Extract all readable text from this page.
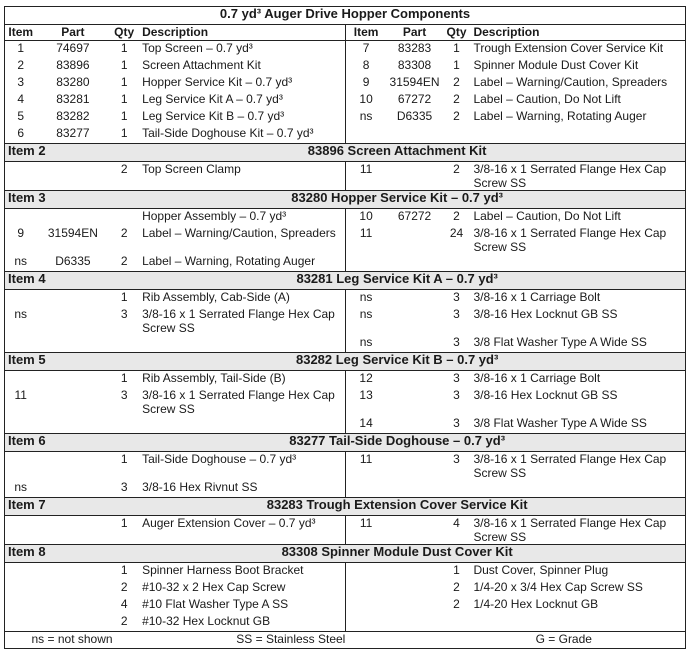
0.7 yd³ Auger Drive Hopper Components							
Item	Part	Qty	Description	Item	Part	Qty	Description
1	74697	1	Top Screen – 0.7 yd³	7	83283	1	Trough Extension Cover Service Kit
2	83896	1	Screen Attachment Kit	8	83308	1	Spinner Module Dust Cover Kit
3	83280	1	Hopper Service Kit – 0.7 yd³	9	31594EN	2	Label – Warning/Caution, Spreaders
4	83281	1	Leg Service Kit A – 0.7 yd³	10	67272	2	Label – Caution, Do Not Lift
5	83282	1	Leg Service Kit B – 0.7 yd³	ns	D6335	2	Label – Warning, Rotating Auger
6	83277	1	Tail-Side Doghouse Kit – 0.7 yd³				
Item 2		83896 Screen Attachment Kit					
		2	Top Screen Clamp	11		2	3/8-16 x 1 Serrated Flange Hex Cap Screw SS
Item 3		83280 Hopper Service Kit – 0.7 yd³					
			Hopper Assembly – 0.7 yd³	10	67272	2	Label – Caution, Do Not Lift
9	31594EN	2	Label – Warning/Caution, Spreaders	11		24	3/8-16 x 1 Serrated Flange Hex Cap Screw SS
ns	D6335	2	Label – Warning, Rotating Auger				
Item 4		83281 Leg Service Kit A – 0.7 yd³					
		1	Rib Assembly, Cab-Side (A)	ns		3	3/8-16 x 1 Carriage Bolt
ns		3	3/8-16 x 1 Serrated Flange Hex Cap Screw SS	ns		3	3/8-16 Hex Locknut GB SS
				ns		3	3/8 Flat Washer Type A Wide SS
Item 5		83282 Leg Service Kit B – 0.7 yd³					
		1	Rib Assembly, Tail-Side (B)	12		3	3/8-16 x 1 Carriage Bolt
11		3	3/8-16 x 1 Serrated Flange Hex Cap Screw SS	13		3	3/8-16 Hex Locknut GB SS
				14		3	3/8 Flat Washer Type A Wide SS
Item 6		83277 Tail-Side Doghouse – 0.7 yd³					
		1	Tail-Side Doghouse – 0.7 yd³	11		3	3/8-16 x 1 Serrated Flange Hex Cap Screw SS
ns		3	3/8-16 Hex Rivnut SS				
Item 7		83283 Trough Extension Cover Service Kit					
		1	Auger Extension Cover – 0.7 yd³	11		4	3/8-16 x 1 Serrated Flange Hex Cap Screw SS
Item 8		83308 Spinner Module Dust Cover Kit					
		1	Spinner Harness Boot Bracket			1	Dust Cover, Spinner Plug
		2	#10-32 x 2 Hex Cap Screw			2	1/4-20 x 3/4 Hex Cap Screw SS
		4	#10 Flat Washer Type A SS			2	1/4-20 Hex Locknut GB
		2	#10-32 Hex Locknut GB				
ns = not shown			SS = Stainless Steel			G = Grade	
